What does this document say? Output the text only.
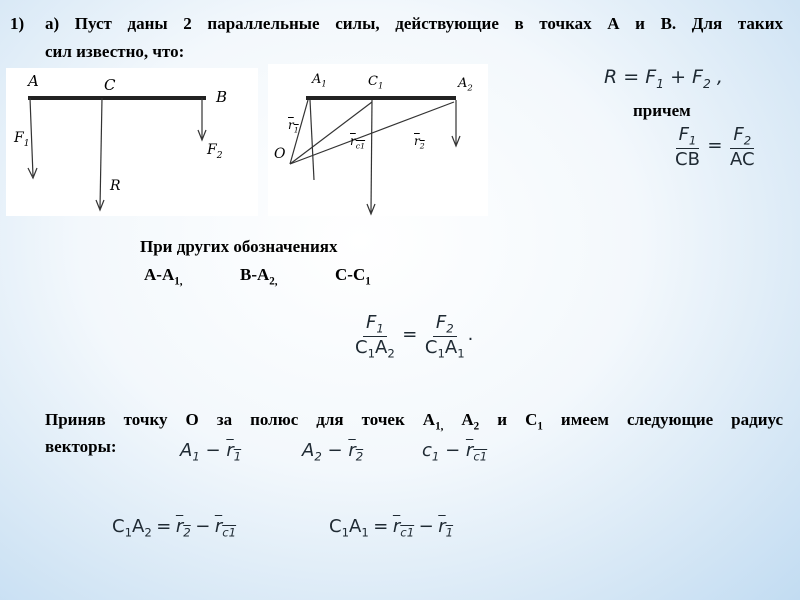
1) а) Пуст даны 2 параллельные силы, действующие в точках А и В. Для таких
сил известно, что:
A	C
B
$F_1$	$F_2$
R
$A_1$	$C_1$	$A_2$
O
$r_1$
$r_{c1}$	$r_2$
$R = F_1 + F_2$ ,
причем
$\frac{F_1}{CB} = \frac{F_2}{AC}$
При других обозначениях
$А-А_{1,}$	$В-А_{2,}$	$С-С_1$
$\frac{F_1}{C_1A_2} = \frac{F_2}{C_1A_1}$ .
Приняв точку О за полюс для точек $А_{1,}$ $А_2$ и $С_1$ имеем следующие радиус
векторы:	$A_1 - r_1$	$A_2 - r_2$	$c_1 - r_{c1}$
$C_1A_2 = r_2 - r_{c1}$	$C_1A_1 = r_{c1} - r_1$
